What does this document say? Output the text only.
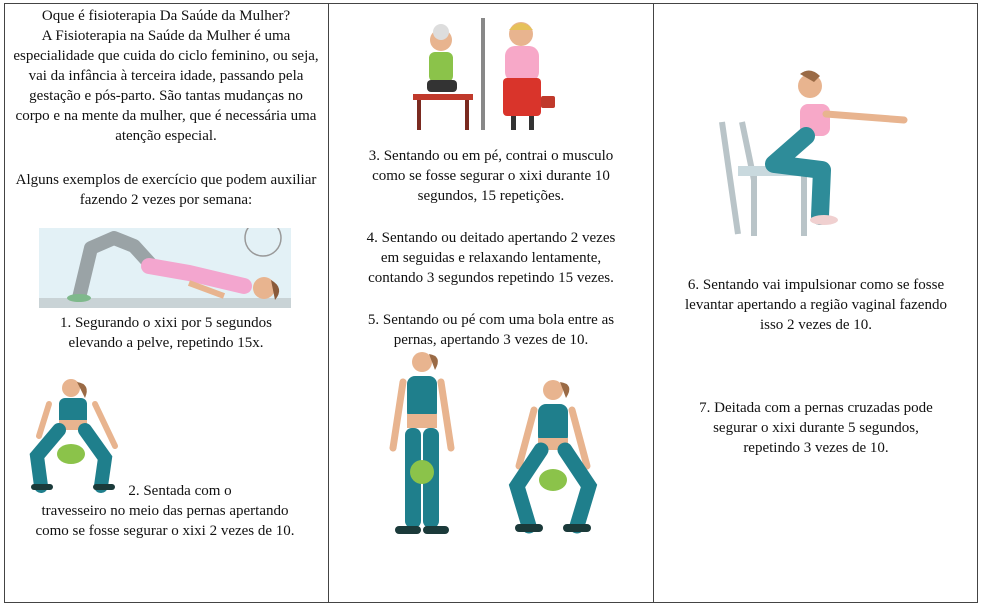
Oque é fisioterapia Da Saúde da Mulher?

A Fisioterapia na Saúde da Mulher é uma especialidade que cuida do ciclo feminino, ou seja, vai da infância à terceira idade, passando pela gestação e pós-parto. São tantas mudanças no corpo e na mente da mulher, que é necessária uma atenção especial.

Alguns exemplos de exercício que podem auxiliar fazendo 2 vezes por semana:

1. Segurando o xixi por 5 segundos
elevando a pelve, repetindo 15x.

2. Sentada com o

travesseiro no meio das pernas apertando
como se fosse segurar o xixi 2 vezes de 10.

3. Sentando ou em pé, contrai o musculo
como se fosse segurar o xixi durante 10
segundos, 15 repetições.

4. Sentando ou deitado apertando 2 vezes
em seguidas e relaxando lentamente,
contando 3 segundos repetindo 15 vezes.

5. Sentando ou pé com uma bola entre as
pernas, apertando 3 vezes de 10.

6. Sentando vai impulsionar como se fosse
levantar apertando a região vaginal fazendo
isso 2 vezes de 10.

7. Deitada com a pernas cruzadas pode
segurar o xixi durante 5 segundos,
repetindo 3 vezes de 10.
